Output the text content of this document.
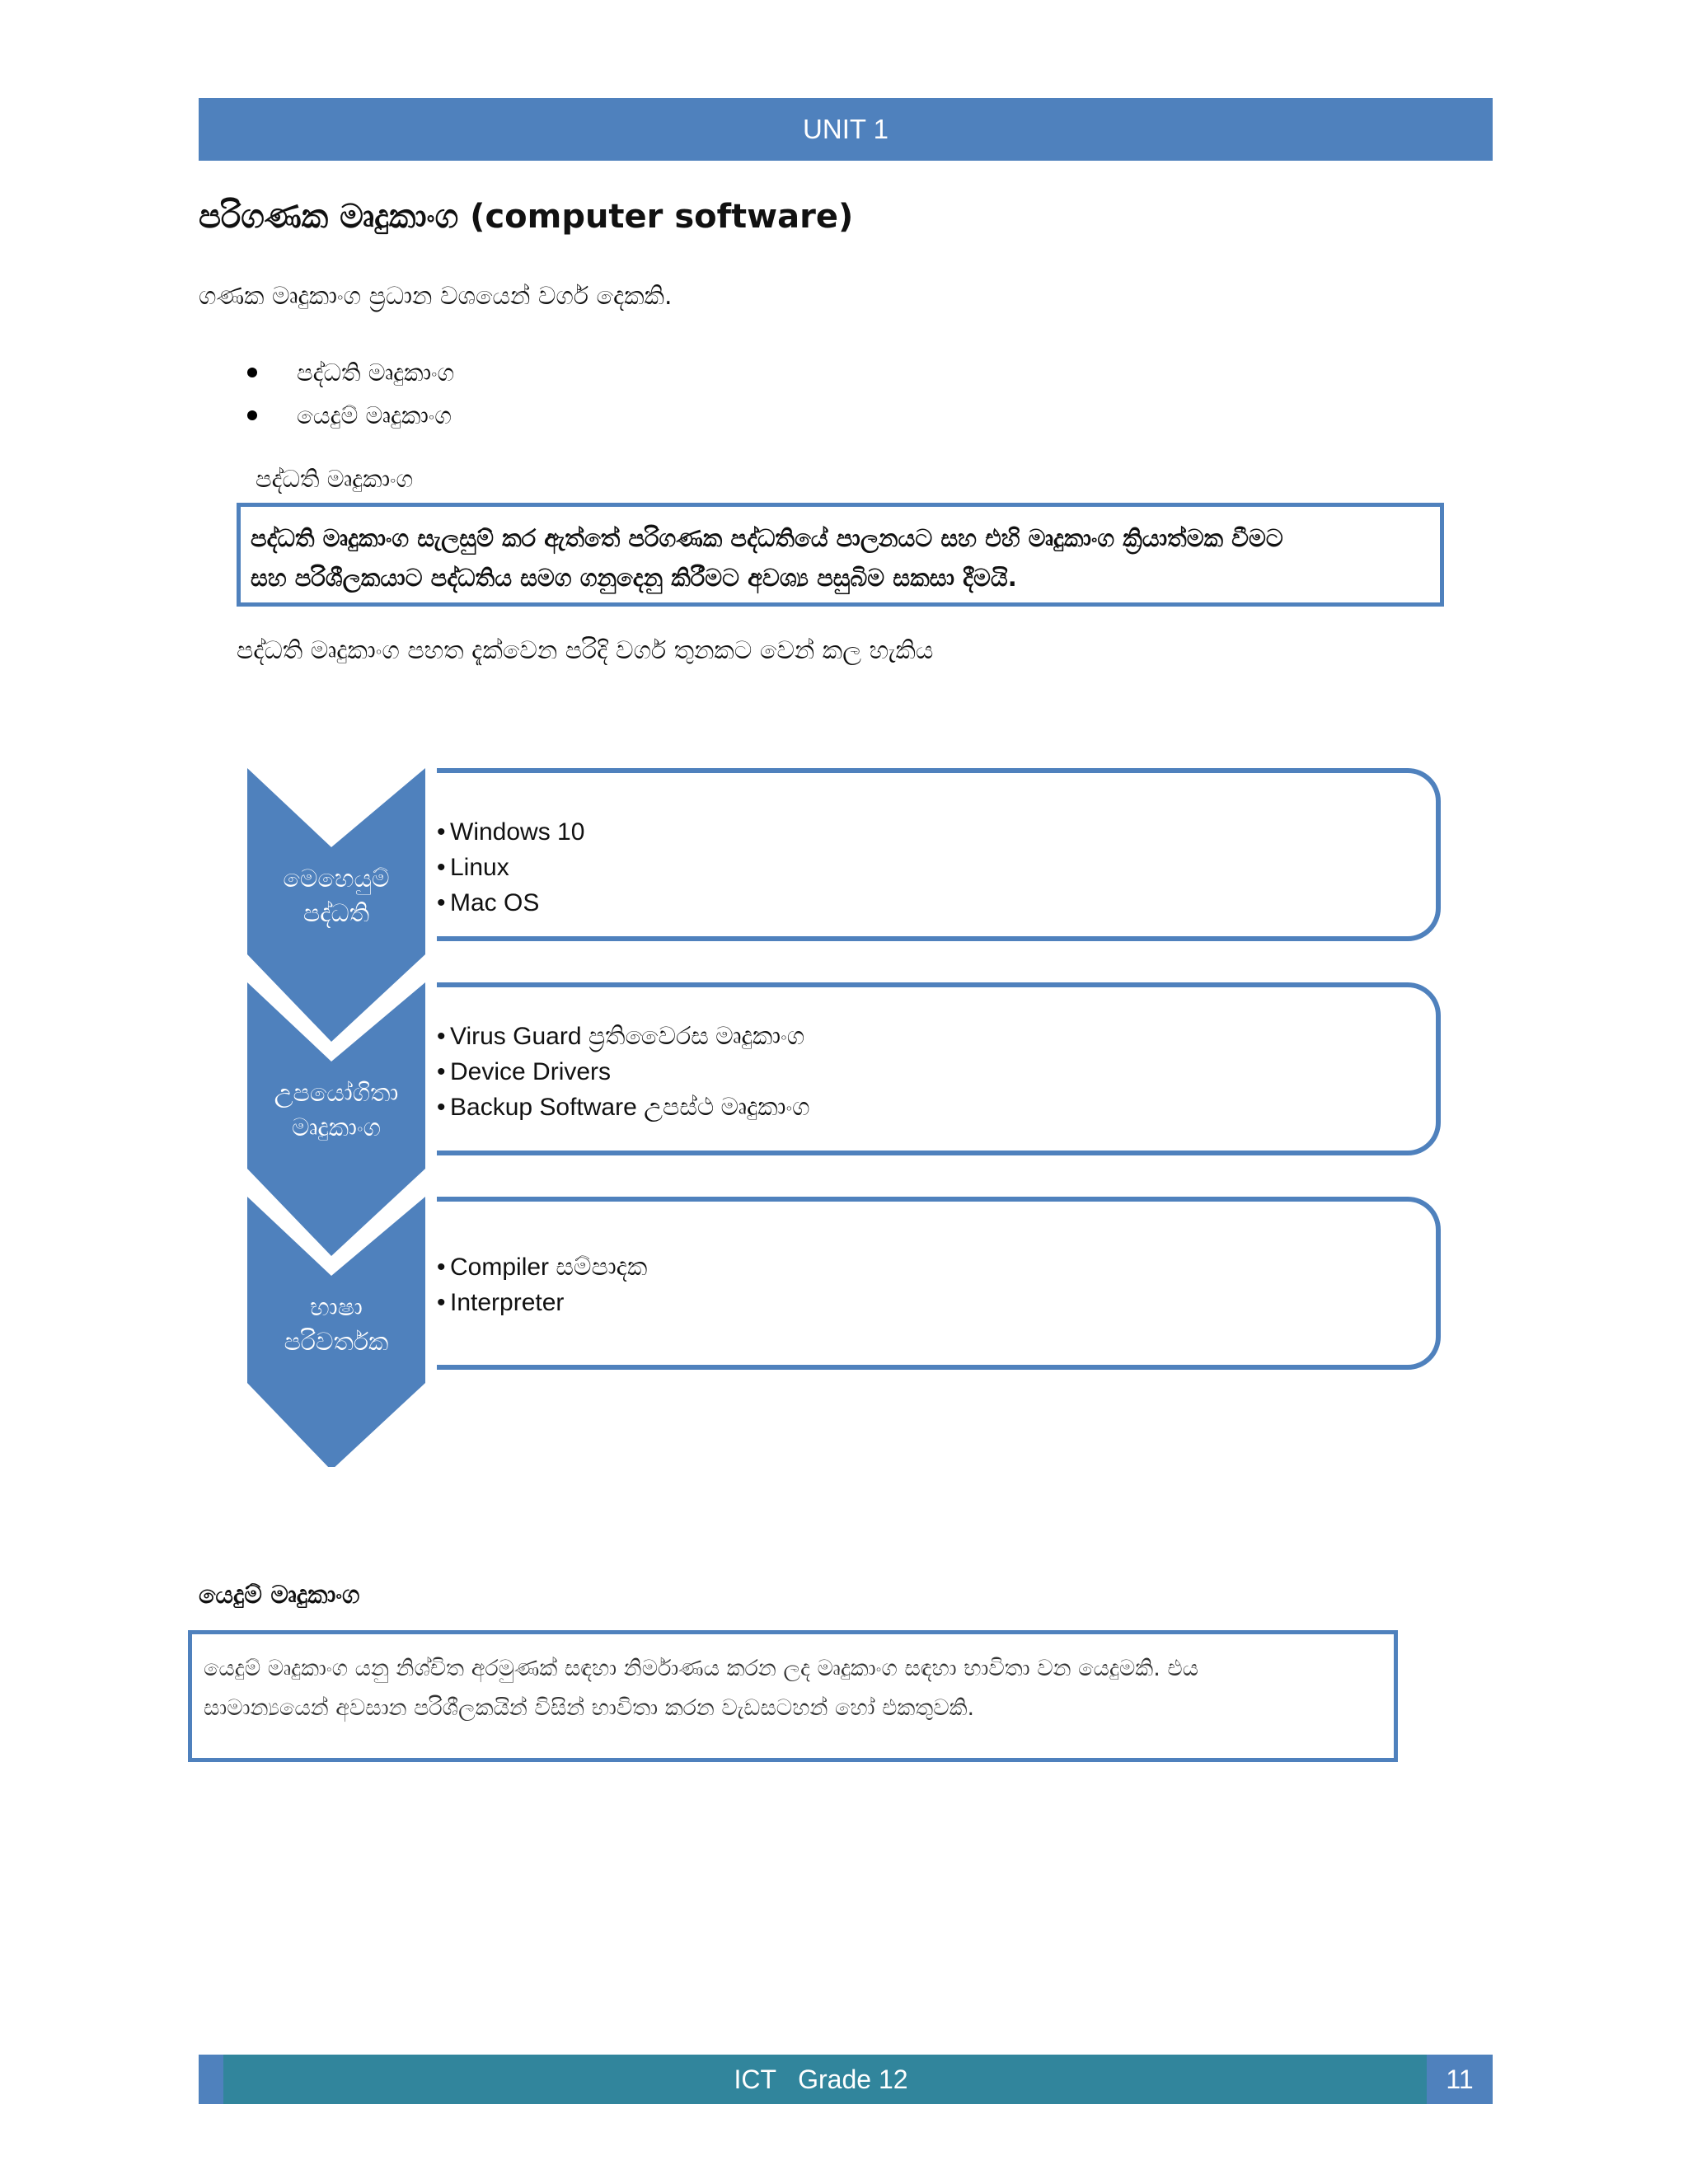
UNIT 1
පරිගණක මෘදුකාංග (computer software)
ගණක මෘදුකාංග ප්‍රධාන වශයෙන් වර්ග දෙකකි.
පද්ධති මෘදුකාංග
යෙදුම් මෘදුකාංග
පද්ධති මෘදුකාංග

පද්ධති මෘදුකාංග සැලසුම් කර ඇත්තේ පරිගණක පද්ධතියේ පාලනයට සහ එහි මෘදුකාංග ක්‍රියාත්මක වීමට

සහ පරිශීලකයාට පද්ධතිය සමග ගනුදෙනු කිරීමට අවශ්‍ය පසුබිම සකසා දීමයි.

පද්ධති මෘදුකාංග පහත දැක්වෙන පරිදි වර්ග තුනකට වෙන් කල හැකිය
මෙහෙයුම්
පද්ධති
උපයෝගිතා
මෘදුකාංග
භාෂා
පරිවර්තක
• Windows 10
• Linux
• Mac OS
• Virus Guard ප්‍රතිවෛරස මෘදුකාංග
• Device Drivers
• Backup Software උපස්ථ මෘදුකාංග
• Compiler සම්පාදක
• Interpreter
යෙදුම් මෘදුකාංග

යෙදුම් මෘදුකාංග යනු නිශ්චිත අරමුණක් සඳහා නිර්මාණය කරන ලද මෘදුකාංග සඳහා භාවිතා වන යෙදුමකි. එය

සාමාන්‍යයෙන් අවසාන පරිශීලකයින් විසින් භාවිතා කරන වැඩසටහන් හෝ එකතුවකි.

ICT   Grade 12	11
